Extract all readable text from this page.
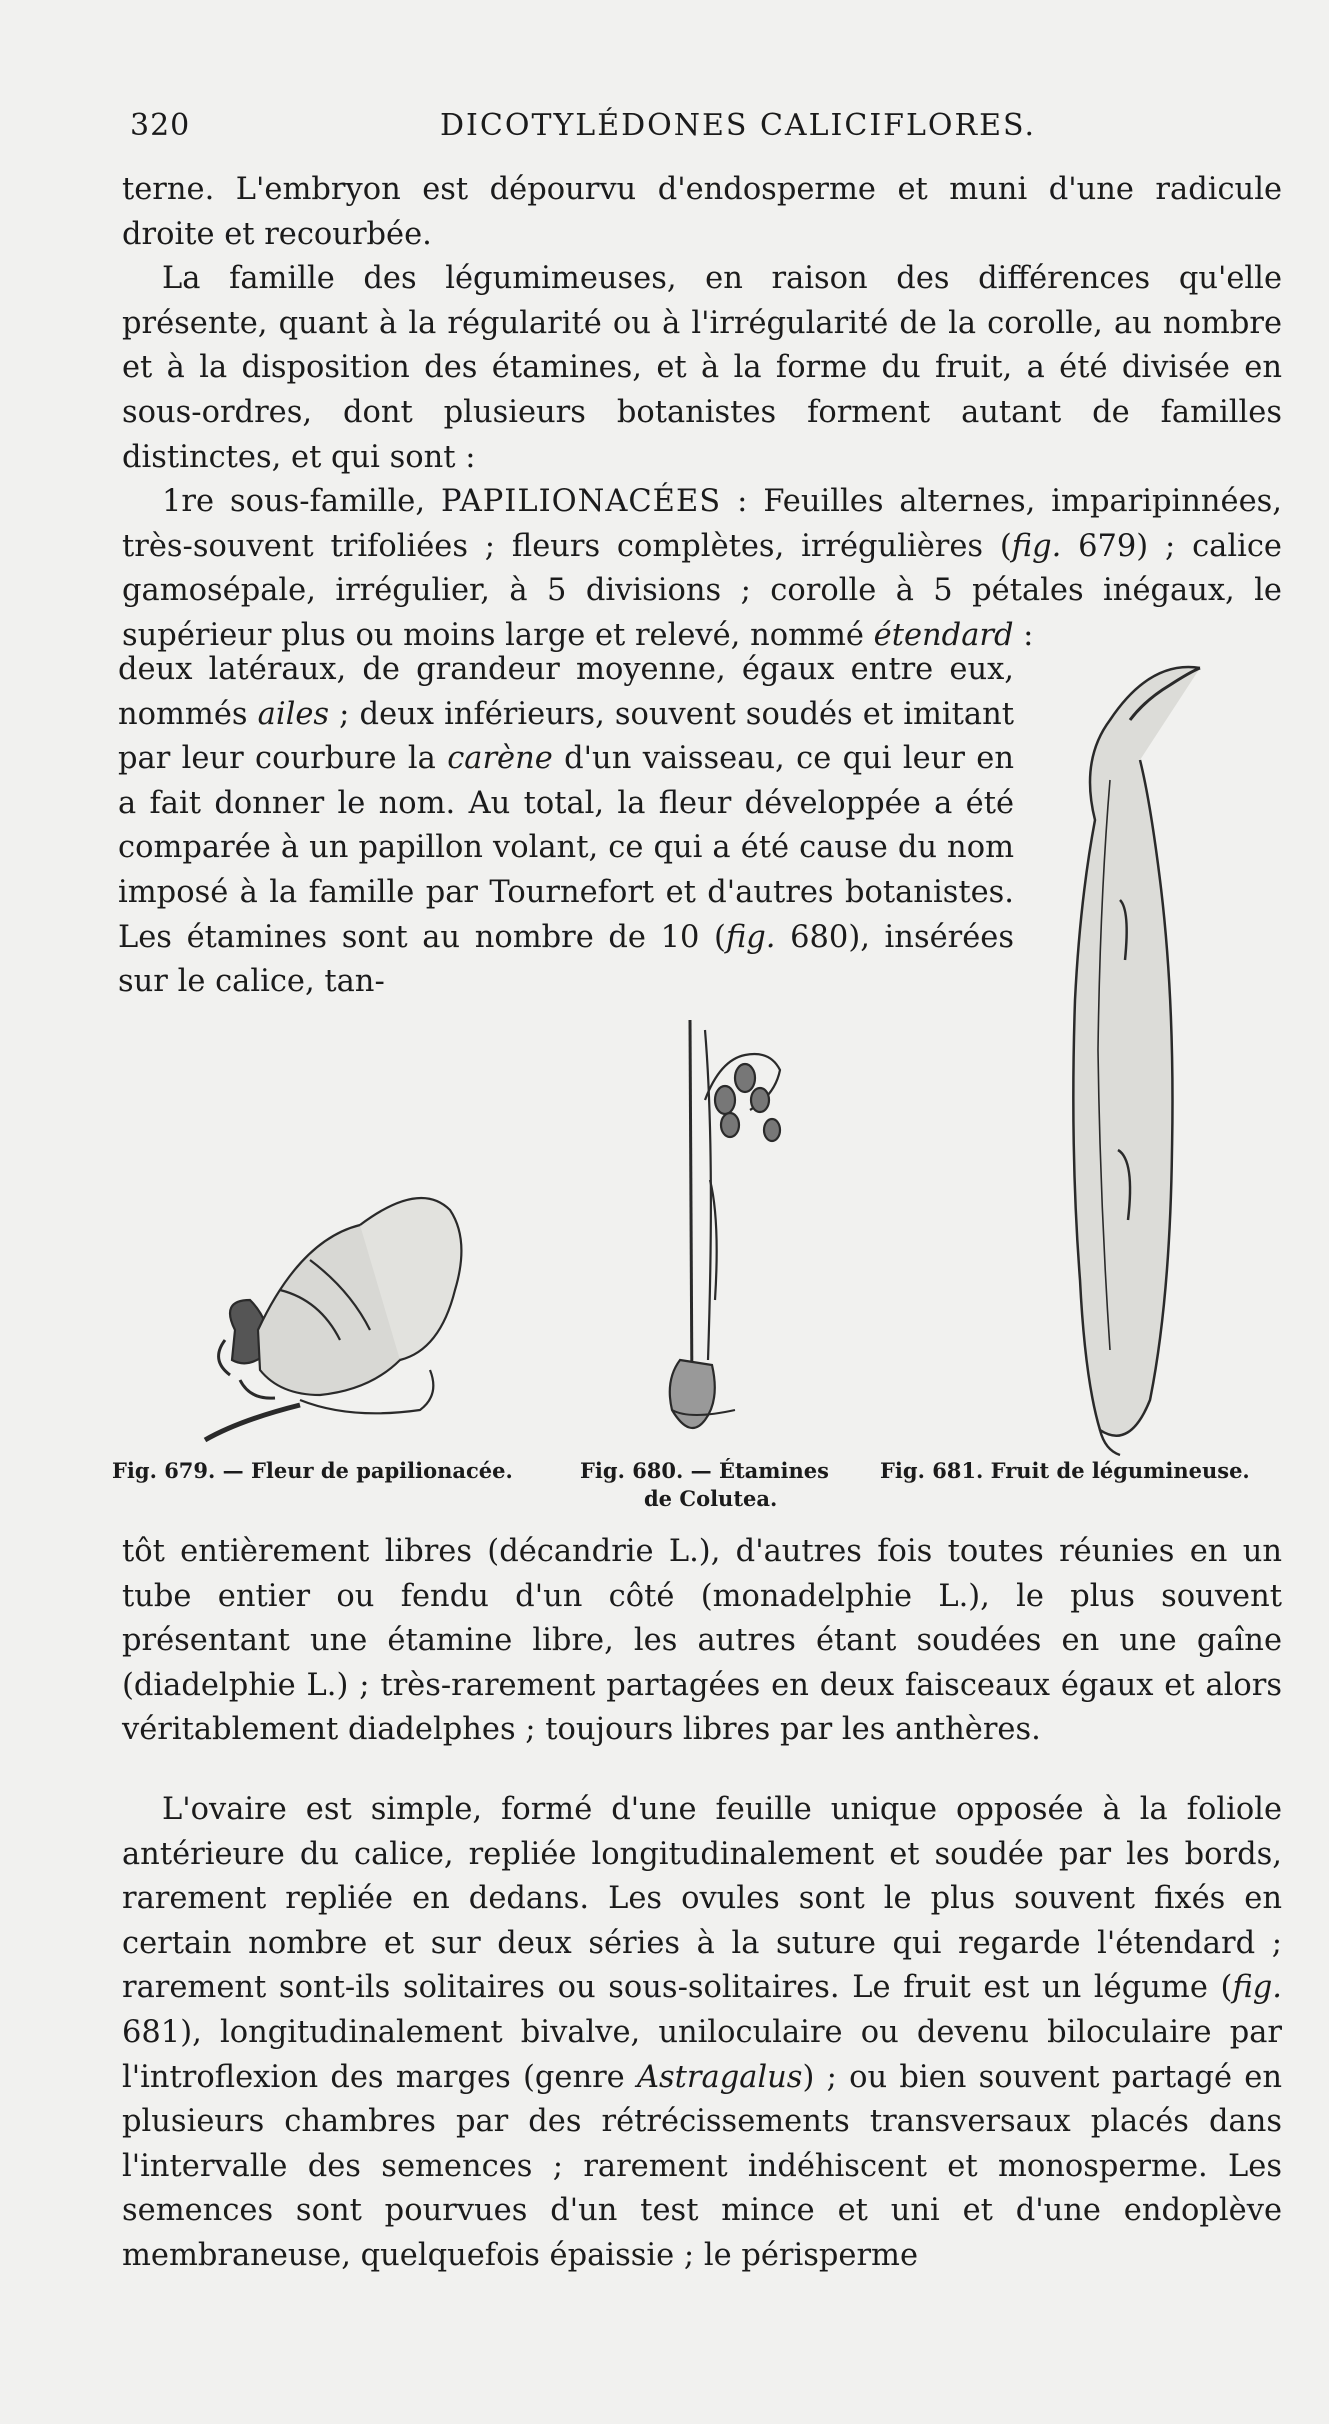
320	DICOTYLÉDONES CALICIFLORES.

terne. L'embryon est dépourvu d'endosperme et muni d'une radicule

droite et recourbée.

La famille des légumimeuses, en raison des différences qu'elle présente, quant à la régularité ou à l'irrégularité de la corolle, au nombre et à la disposition des étamines, et à la forme du fruit, a été divisée en sous-ordres, dont plusieurs botanistes forment autant de familles distinctes, et qui sont :

1re sous-famille, PAPILIONACÉES : Feuilles alternes, imparipinnées, très-souvent trifoliées ; fleurs complètes, irrégulières (fig. 679) ; calice gamosépale, irrégulier, à 5 divisions ; corolle à 5 pétales inégaux, le supérieur plus ou moins large et relevé, nommé étendard :

deux latéraux, de grandeur moyenne, égaux entre eux, nommés ailes ; deux inférieurs, souvent soudés et imitant par leur courbure la carène d'un vaisseau, ce qui leur en a fait donner le nom. Au total, la fleur développée a été comparée à un papillon volant, ce qui a été cause du nom imposé à la famille par Tournefort et d'autres botanistes. Les étamines sont au nombre de 10 (fig. 680), insérées sur le calice, tan-
Fig. 679. — Fleur de papilionacée.	Fig. 680. — Étamines
de Colutea.
Fig. 681. Fruit de légumineuse.

tôt entièrement libres (décandrie L.), d'autres fois toutes réunies en un tube entier ou fendu d'un côté (monadelphie L.), le plus souvent présentant une étamine libre, les autres étant soudées en une gaîne (diadelphie L.) ; très-rarement partagées en deux faisceaux égaux et alors véritablement diadelphes ; toujours libres par les anthères.

L'ovaire est simple, formé d'une feuille unique opposée à la foliole antérieure du calice, repliée longitudinalement et soudée par les bords, rarement repliée en dedans. Les ovules sont le plus souvent fixés en certain nombre et sur deux séries à la suture qui regarde l'étendard ; rarement sont-ils solitaires ou sous-solitaires. Le fruit est un légume (fig. 681), longitudinalement bivalve, uniloculaire ou devenu biloculaire par l'introflexion des marges (genre Astragalus) ; ou bien souvent partagé en plusieurs chambres par des rétrécissements transversaux placés dans l'intervalle des semences ; rarement indéhiscent et monosperme. Les semences sont pourvues d'un test mince et uni et d'une endoplève membraneuse, quelquefois épaissie ; le périsperme
